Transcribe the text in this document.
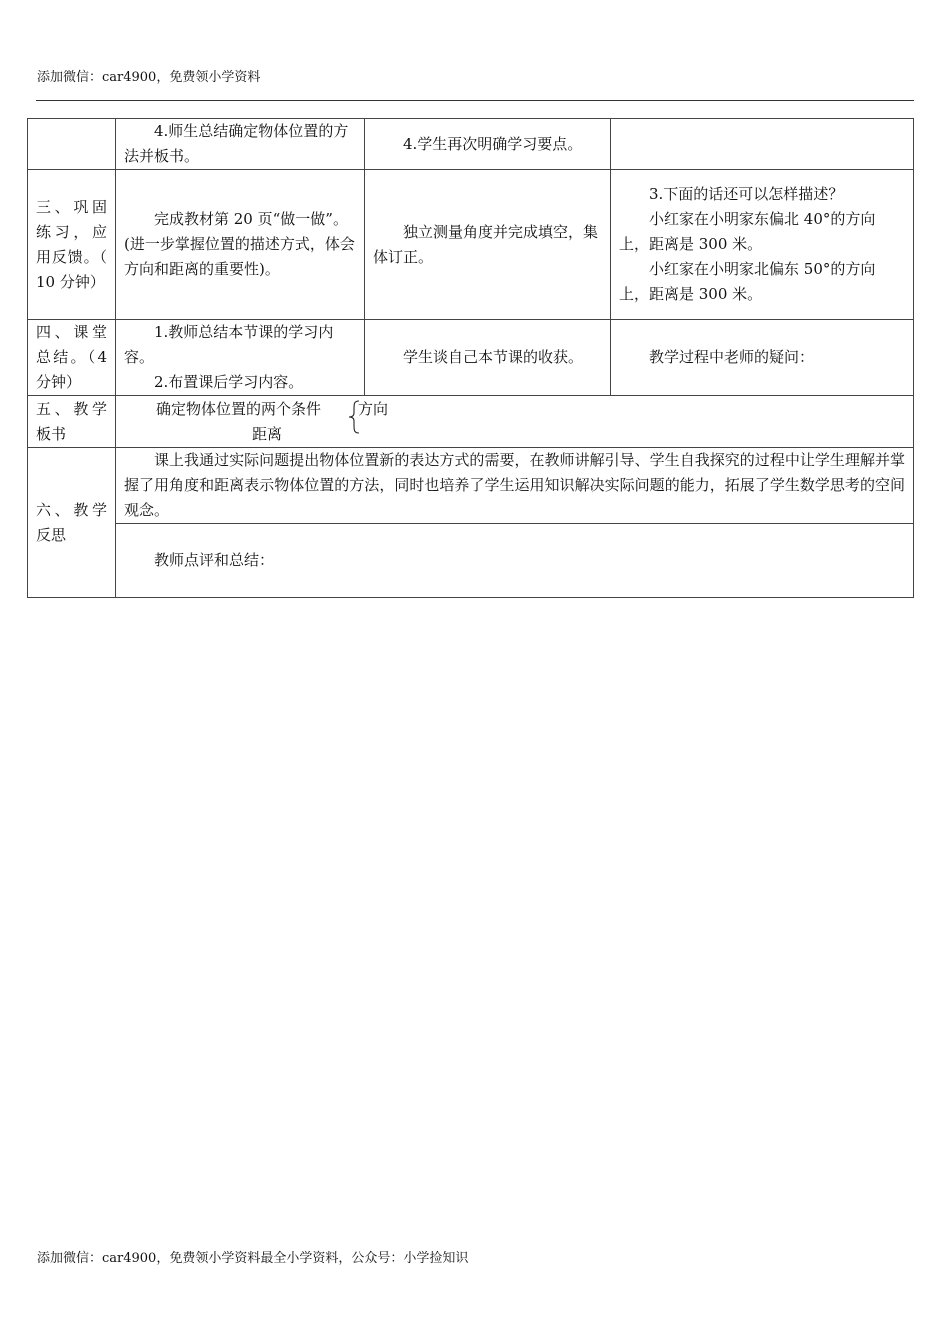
添加微信：car4900，免费领小学资料
	4.师生总结确定物体位置的方法并板书。	4.学生再次明确学习要点。	
三、巩固练习，应用反馈。（ 10 分钟）	完成教材第 20 页“做一做”。(进一步掌握位置的描述方式，体会方向和距离的重要性)。	独立测量角度并完成填空，集体订正。	3.下面的话还可以怎样描述？
小红家在小明家东偏北 40°的方向上，距离是 300 米。
小红家在小明家北偏东 50°的方向上，距离是 300 米。

四、课堂总结。（4 分钟）	1.教师总结本节课的学习内容。
2.布置课后学习内容。	学生谈自己本节课的收获。	教学过程中老师的疑问：
五、教学板书	确定物体位置的两个条件 方向
距离		

六、教学反思	课上我通过实际问题提出物体位置新的表达方式的需要，在教师讲解引导、学生自我探究的过程中让学生理解并掌握了用角度和距离表示物体位置的方法，同时也培养了学生运用知识解决实际问题的能力，拓展了学生数学思考的空间观念。		
	教师点评和总结：		
添加微信：car4900，免费领小学资料最全小学资料，公众号：小学捡知识
